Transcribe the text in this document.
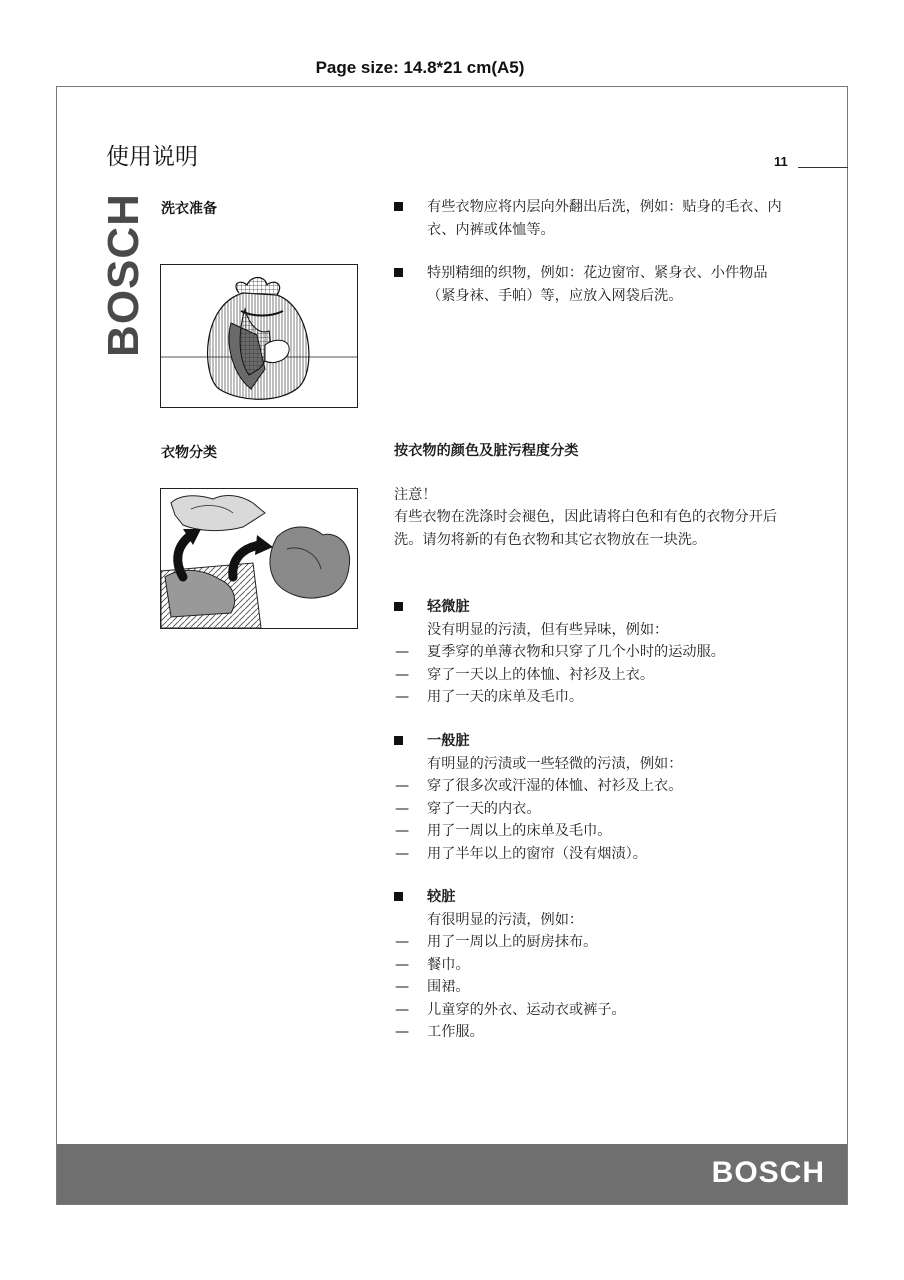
Page size: 14.8*21 cm(A5)
BOSCH
使用说明	11
BOSCH 洗衣准备	有些衣物应将内层向外翻出后洗，例如：贴身的毛衣、内衣、内裤或体恤等。
特别精细的织物，例如：花边窗帘、紧身衣、小件物品（紧身袜、手帕）等，应放入网袋后洗。
衣物分类	按衣物的颜色及脏污程度分类
注意！
有些衣物在洗涤时会褪色，因此请将白色和有色的衣物分开后洗。请勿将新的有色衣物和其它衣物放在一块洗。
轻微脏
没有明显的污渍，但有些异味，例如：
— 夏季穿的单薄衣物和只穿了几个小时的运动服。
— 穿了一天以上的体恤、衬衫及上衣。
— 用了一天的床单及毛巾。
一般脏
有明显的污渍或一些轻微的污渍，例如：
— 穿了很多次或汗湿的体恤、衬衫及上衣。
— 穿了一天的内衣。
— 用了一周以上的床单及毛巾。
— 用了半年以上的窗帘（没有烟渍）。
较脏
有很明显的污渍，例如：
— 用了一周以上的厨房抹布。
— 餐巾。
— 围裙。
— 儿童穿的外衣、运动衣或裤子。
— 工作服。
